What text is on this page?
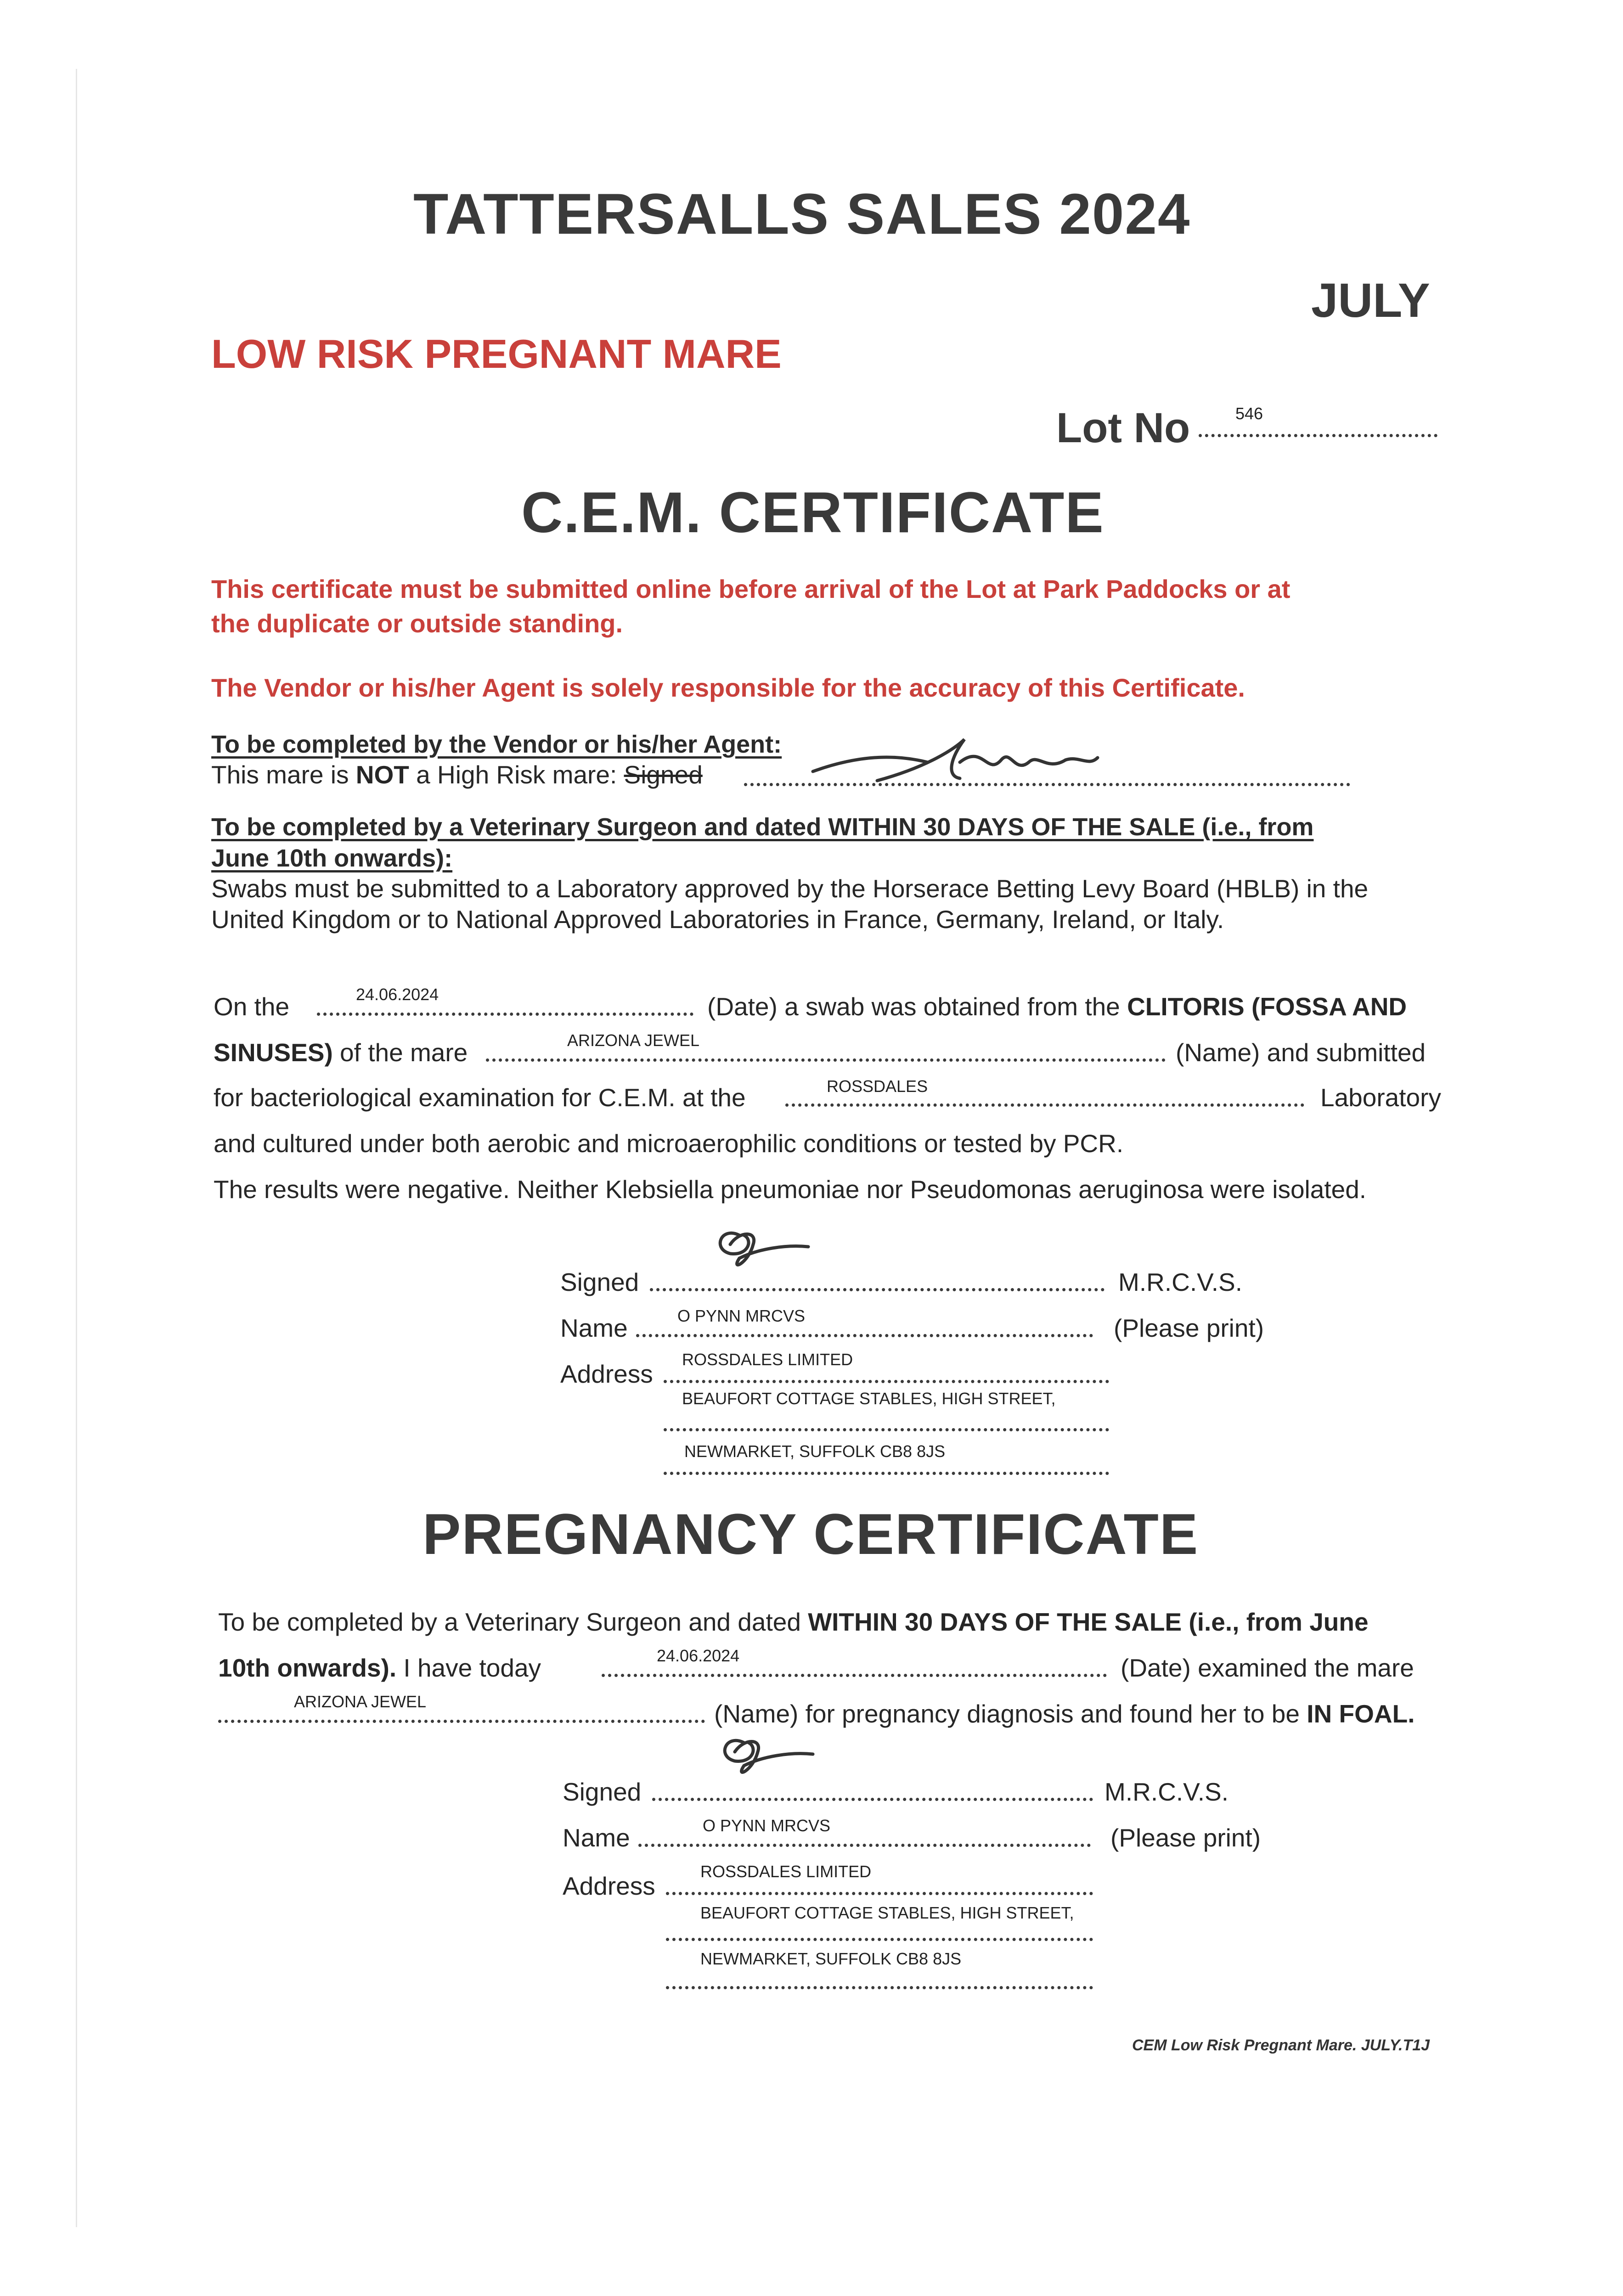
TATTERSALLS SALES 2024
JULY
LOW RISK PREGNANT MARE
Lot No	546
C.E.M. CERTIFICATE
This certificate must be submitted online before arrival of the Lot at Park Paddocks or at
the duplicate or outside standing.
The Vendor or his/her Agent is solely responsible for the accuracy of this Certificate.
To be completed by the Vendor or his/her Agent:
This mare is NOT a High Risk mare: Signed
To be completed by a Veterinary Surgeon and dated WITHIN 30 DAYS OF THE SALE (i.e., from
June 10th onwards):
Swabs must be submitted to a Laboratory approved by the Horserace Betting Levy Board (HBLB) in the
United Kingdom or to National Approved Laboratories in France, Germany, Ireland, or Italy.
On the	24.06.2024	(Date) a swab was obtained from the CLITORIS (FOSSA AND
SINUSES) of the mare	ARIZONA JEWEL	(Name) and submitted
for bacteriological examination for C.E.M. at the	ROSSDALES	Laboratory
and cultured under both aerobic and microaerophilic conditions or tested by PCR.
The results were negative. Neither Klebsiella pneumoniae nor Pseudomonas aeruginosa were isolated.
Signed	M.R.C.V.S.
Name	O PYNN MRCVS	(Please print)
Address
ROSSDALES LIMITED
BEAUFORT COTTAGE STABLES, HIGH STREET,
NEWMARKET, SUFFOLK CB8 8JS
PREGNANCY CERTIFICATE
To be completed by a Veterinary Surgeon and dated WITHIN 30 DAYS OF THE SALE (i.e., from June
10th onwards). I have today	24.06.2024	(Date) examined the mare
ARIZONA JEWEL	(Name) for pregnancy diagnosis and found her to be IN FOAL.
Signed	M.R.C.V.S.
Name	O PYNN MRCVS	(Please print)
Address
ROSSDALES LIMITED
BEAUFORT COTTAGE STABLES, HIGH STREET,
NEWMARKET, SUFFOLK CB8 8JS
CEM Low Risk Pregnant Mare. JULY.T1J
